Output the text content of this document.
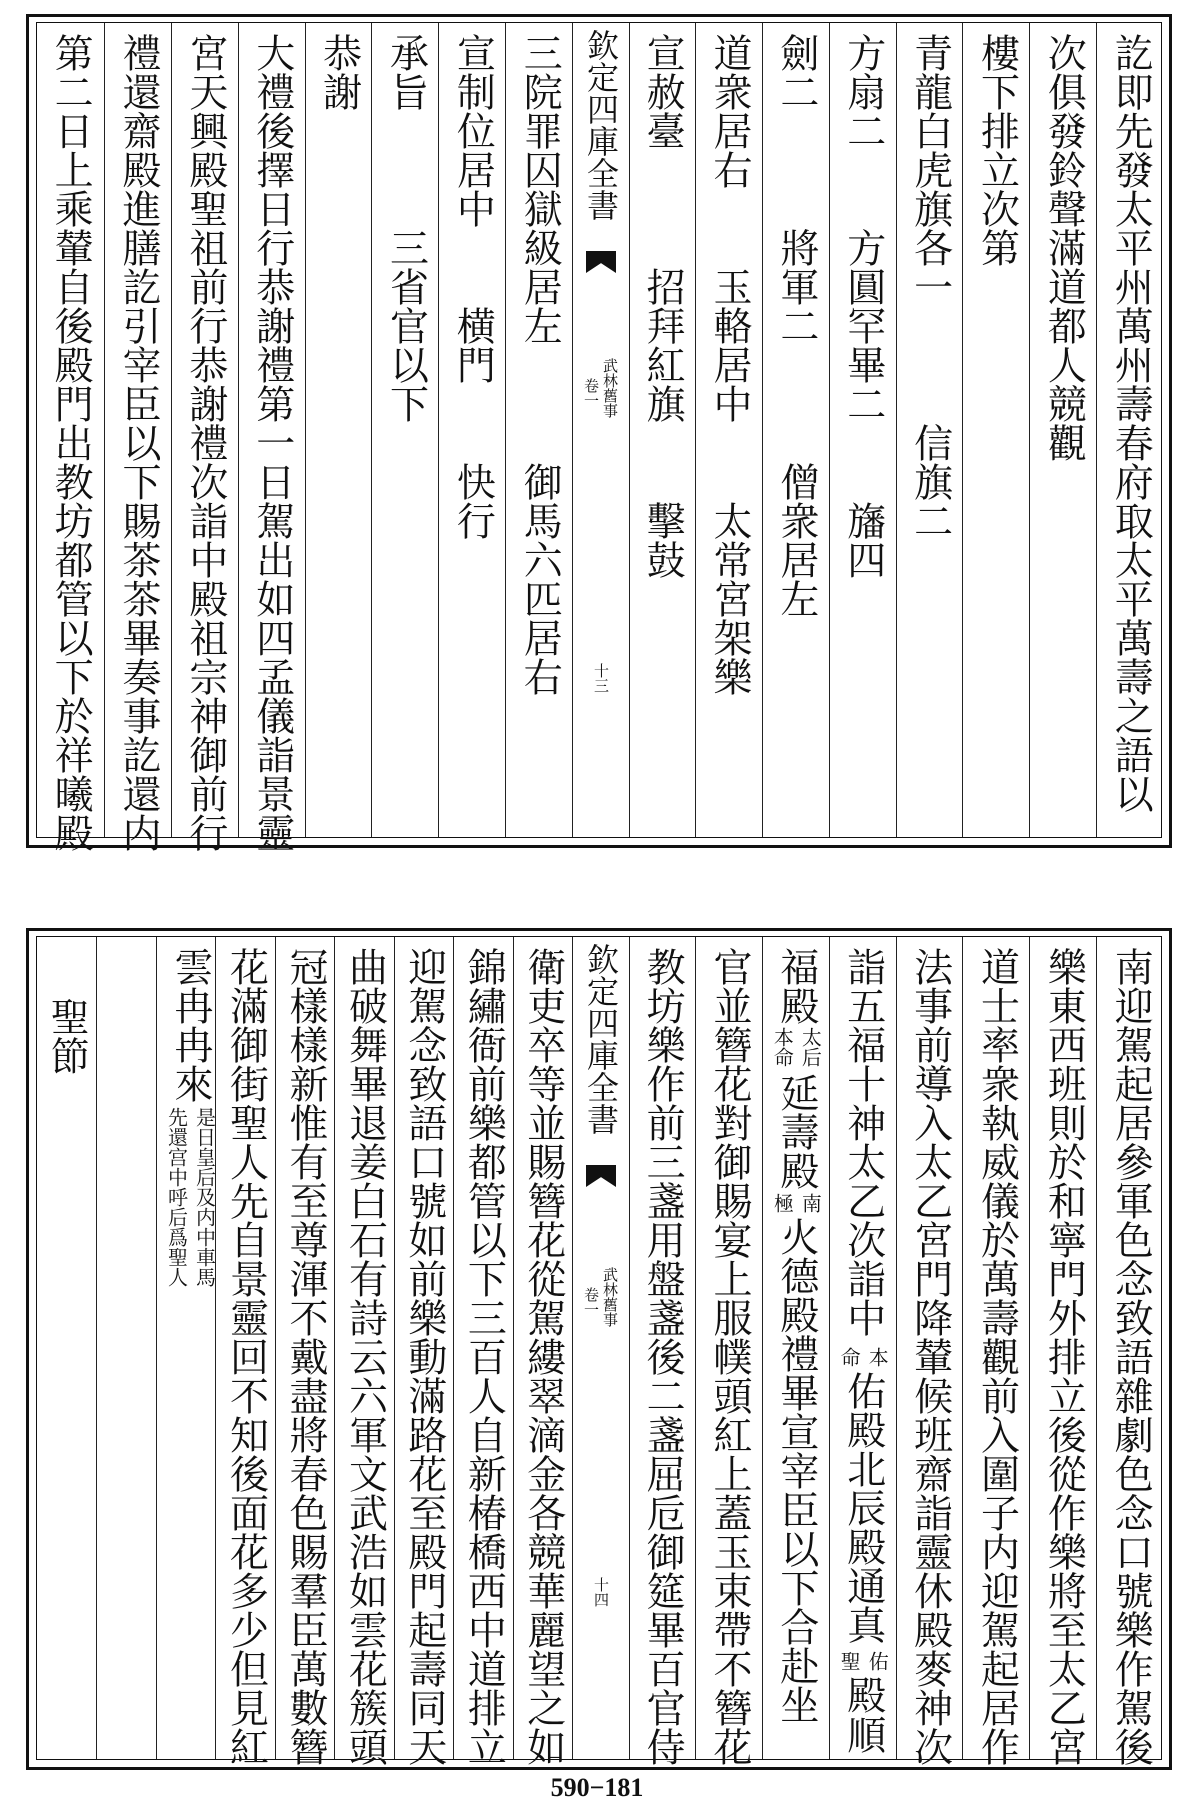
訖即先發太平州萬州壽春府取太平萬壽之語以
次俱發鈴聲滿道都人競觀
樓下排立次第
青龍白虎旗各一　　　信旗二
方扇二　　方圓罕畢二　　旛四
劍二　　　將軍二　　　僧衆居左
道衆居右　　玉輅居中　　太常宮架樂
宣赦臺　　　招拜紅旗　　擊鼓
三院罪囚獄級居左　　　御馬六匹居右
宣制位居中　　横門　　快行
承旨　　　三省官以下
恭謝
大禮後擇日行恭謝禮第一日駕出如四孟儀詣景靈
宮天興殿聖祖前行恭謝禮次詣中殿祖宗神御前行
禮還齋殿進膳訖引宰臣以下賜茶茶畢奏事訖還内
第二日上乘輦自後殿門出教坊都管以下於祥曦殿	欽定四庫全書
武林舊事
卷一
十三
南迎駕起居參軍色念致語雜劇色念口號樂作駕後
樂東西班則於和寧門外排立後從作樂將至太乙宮
道士率衆執威儀於萬壽觀前入圍子内迎駕起居作
法事前導入太乙宮門降輦候班齋詣靈休殿麥神次
詣五福十神太乙次詣中
本
命
佑殿北辰殿通真
佑
聖
殿
順
福殿
太后
本命
延壽殿
南
極
火德殿禮畢宣宰臣以下合赴坐
官並簪花對御賜宴上服幞頭紅上蓋玉束帶不簪花
教坊樂作前三盞用盤盞後二盞屈卮御筵畢百官侍
衛吏卒等並賜簪花從駕縷翠滴金各競華麗望之如
錦繡衙前樂都管以下三百人自新椿橋西中道排立
迎駕念致語口號如前樂動滿路花至殿門起壽同天
曲破舞畢退姜白石有詩云六軍文武浩如雲花簇頭
冠樣樣新惟有至尊渾不戴盡將春色賜羣臣萬數簪
花滿御街聖人先自景靈回不知後面花多少但見紅
雲冉冉來
是日皇后及内中車馬
先還宫中呼后爲聖人
聖節	欽定四庫全書
武林舊事
卷一
十四
590−181
